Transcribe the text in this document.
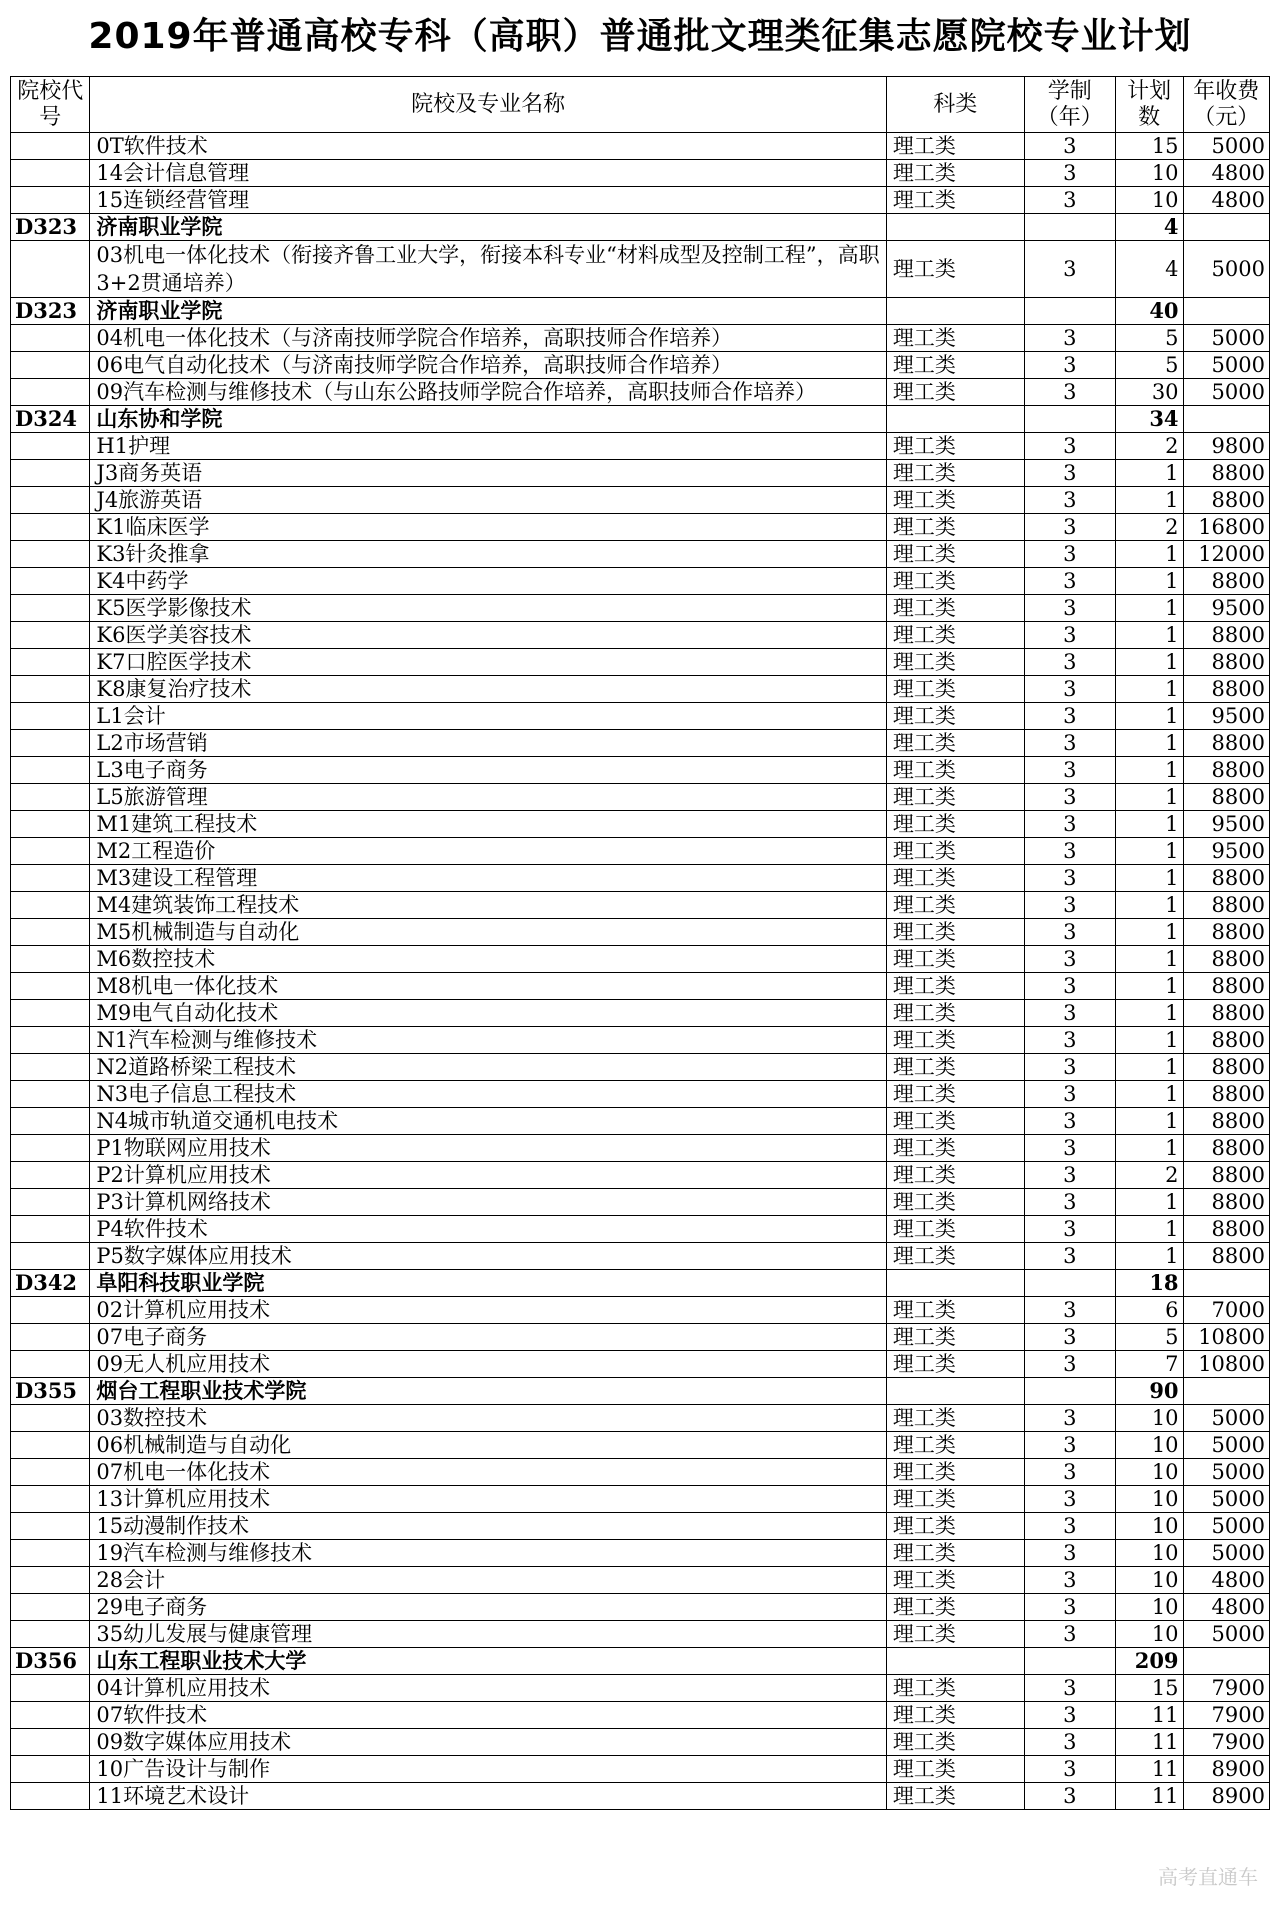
2019年普通高校专科（高职）普通批文理类征集志愿院校专业计划
院校代号	院校及专业名称	科类	学制（年）	计划数	年收费（元）
	0T软件技术	理工类	3	15	5000
	14会计信息管理	理工类	3	10	4800
	15连锁经营管理	理工类	3	10	4800
D323	济南职业学院			4	
	03机电一体化技术（衔接齐鲁工业大学，衔接本科专业“材料成型及控制工程”，高职3+2贯通培养）	理工类	3	4	5000
D323	济南职业学院			40	
	04机电一体化技术（与济南技师学院合作培养，高职技师合作培养）	理工类	3	5	5000
	06电气自动化技术（与济南技师学院合作培养，高职技师合作培养）	理工类	3	5	5000
	09汽车检测与维修技术（与山东公路技师学院合作培养，高职技师合作培养）	理工类	3	30	5000
D324	山东协和学院			34	
	H1护理	理工类	3	2	9800
	J3商务英语	理工类	3	1	8800
	J4旅游英语	理工类	3	1	8800
	K1临床医学	理工类	3	2	16800
	K3针灸推拿	理工类	3	1	12000
	K4中药学	理工类	3	1	8800
	K5医学影像技术	理工类	3	1	9500
	K6医学美容技术	理工类	3	1	8800
	K7口腔医学技术	理工类	3	1	8800
	K8康复治疗技术	理工类	3	1	8800
	L1会计	理工类	3	1	9500
	L2市场营销	理工类	3	1	8800
	L3电子商务	理工类	3	1	8800
	L5旅游管理	理工类	3	1	8800
	M1建筑工程技术	理工类	3	1	9500
	M2工程造价	理工类	3	1	9500
	M3建设工程管理	理工类	3	1	8800
	M4建筑装饰工程技术	理工类	3	1	8800
	M5机械制造与自动化	理工类	3	1	8800
	M6数控技术	理工类	3	1	8800
	M8机电一体化技术	理工类	3	1	8800
	M9电气自动化技术	理工类	3	1	8800
	N1汽车检测与维修技术	理工类	3	1	8800
	N2道路桥梁工程技术	理工类	3	1	8800
	N3电子信息工程技术	理工类	3	1	8800
	N4城市轨道交通机电技术	理工类	3	1	8800
	P1物联网应用技术	理工类	3	1	8800
	P2计算机应用技术	理工类	3	2	8800
	P3计算机网络技术	理工类	3	1	8800
	P4软件技术	理工类	3	1	8800
	P5数字媒体应用技术	理工类	3	1	8800
D342	阜阳科技职业学院			18	
	02计算机应用技术	理工类	3	6	7000
	07电子商务	理工类	3	5	10800
	09无人机应用技术	理工类	3	7	10800
D355	烟台工程职业技术学院			90	
	03数控技术	理工类	3	10	5000
	06机械制造与自动化	理工类	3	10	5000
	07机电一体化技术	理工类	3	10	5000
	13计算机应用技术	理工类	3	10	5000
	15动漫制作技术	理工类	3	10	5000
	19汽车检测与维修技术	理工类	3	10	5000
	28会计	理工类	3	10	4800
	29电子商务	理工类	3	10	4800
	35幼儿发展与健康管理	理工类	3	10	5000
D356	山东工程职业技术大学			209	
	04计算机应用技术	理工类	3	15	7900
	07软件技术	理工类	3	11	7900
	09数字媒体应用技术	理工类	3	11	7900
	10广告设计与制作	理工类	3	11	8900
	11环境艺术设计	理工类	3	11	8900
高考直通车
